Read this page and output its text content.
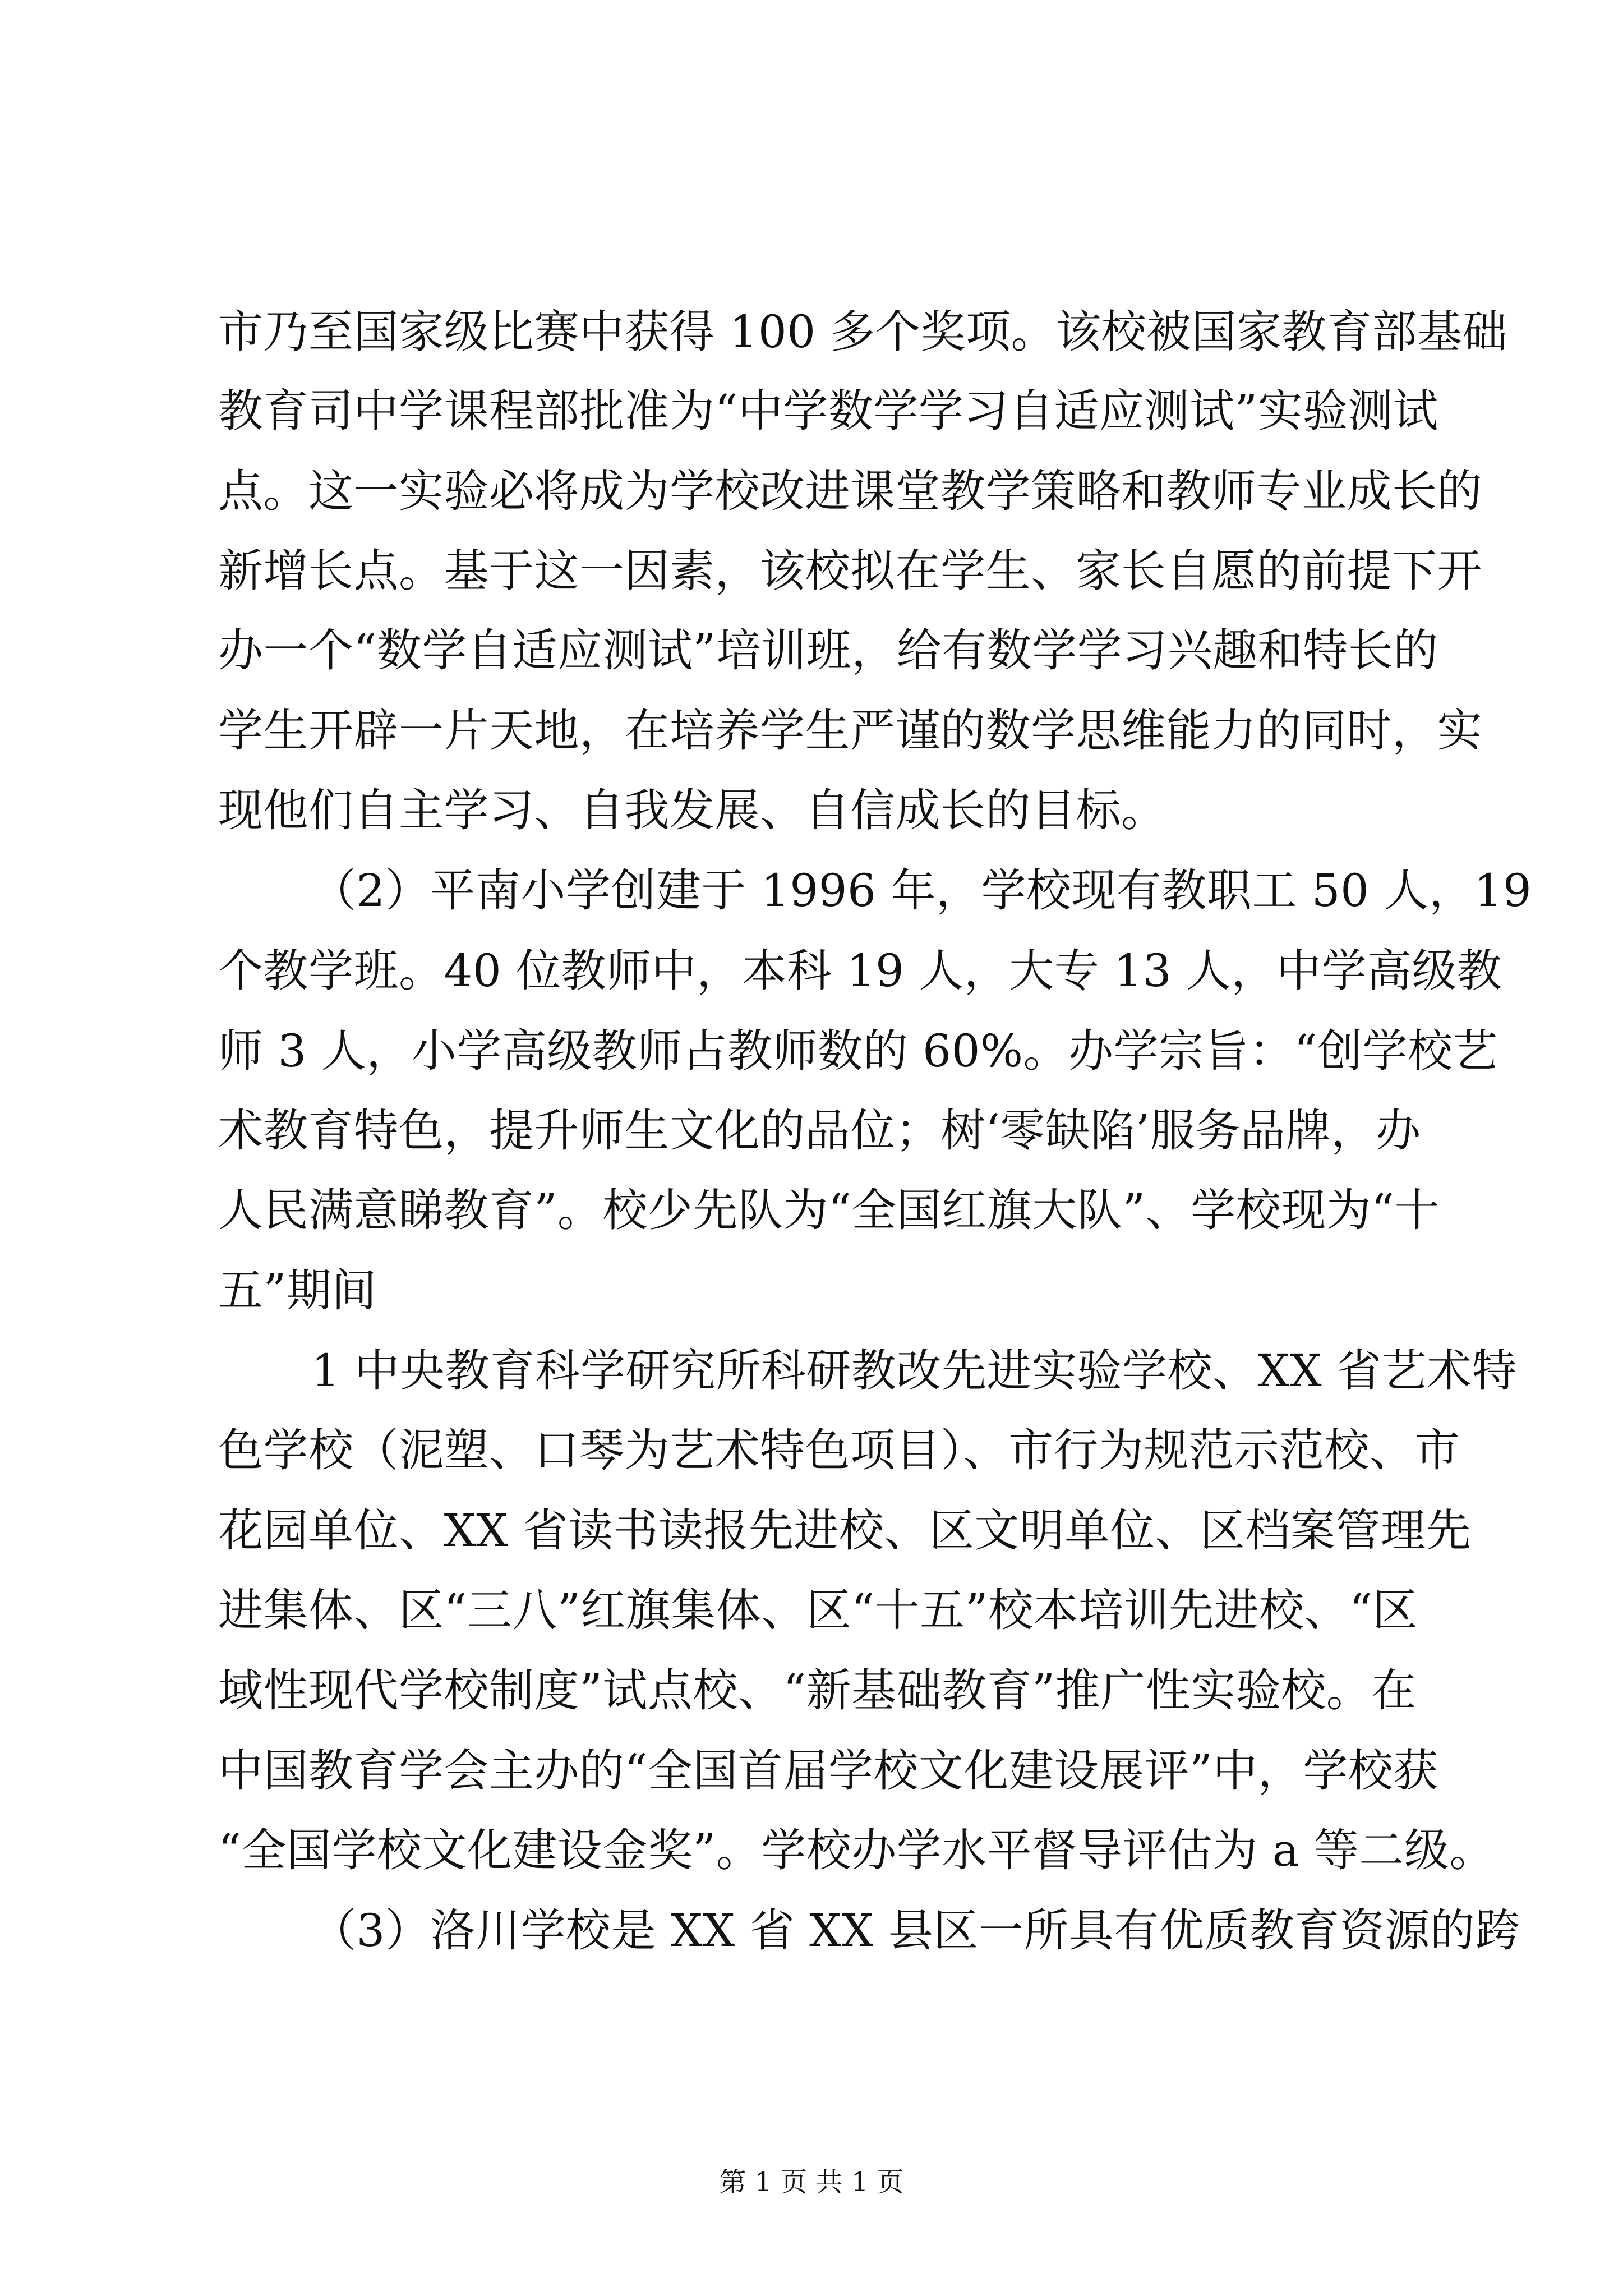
市乃至国家级比赛中获得 100 多个奖项。该校被国家教育部基础
教育司中学课程部批准为“中学数学学习自适应测试”实验测试
点。这一实验必将成为学校改进课堂教学策略和教师专业成长的
新增长点。基于这一因素，该校拟在学生、家长自愿的前提下开
办一个“数学自适应测试”培训班，给有数学学习兴趣和特长的
学生开辟一片天地，在培养学生严谨的数学思维能力的同时，实
现他们自主学习、自我发展、自信成长的目标。
（2）平南小学创建于 1996 年，学校现有教职工 50 人，19
个教学班。40 位教师中，本科 19 人，大专 13 人，中学高级教
师 3 人，小学高级教师占教师数的 60%。办学宗旨：“创学校艺
术教育特色，提升师生文化的品位；树‘零缺陷’服务品牌，办
人民满意睇教育”。校少先队为“全国红旗大队”、学校现为“十
五”期间
1 中央教育科学研究所科研教改先进实验学校、XX 省艺术特
色学校（泥塑、口琴为艺术特色项目）、市行为规范示范校、市
花园单位、XX 省读书读报先进校、区文明单位、区档案管理先
进集体、区“三八”红旗集体、区“十五”校本培训先进校、“区
域性现代学校制度”试点校、“新基础教育”推广性实验校。在
中国教育学会主办的“全国首届学校文化建设展评”中，学校获
“全国学校文化建设金奖”。学校办学水平督导评估为 a 等二级。
（3）洛川学校是 XX 省 XX 县区一所具有优质教育资源的跨
第 1 页 共 1 页
